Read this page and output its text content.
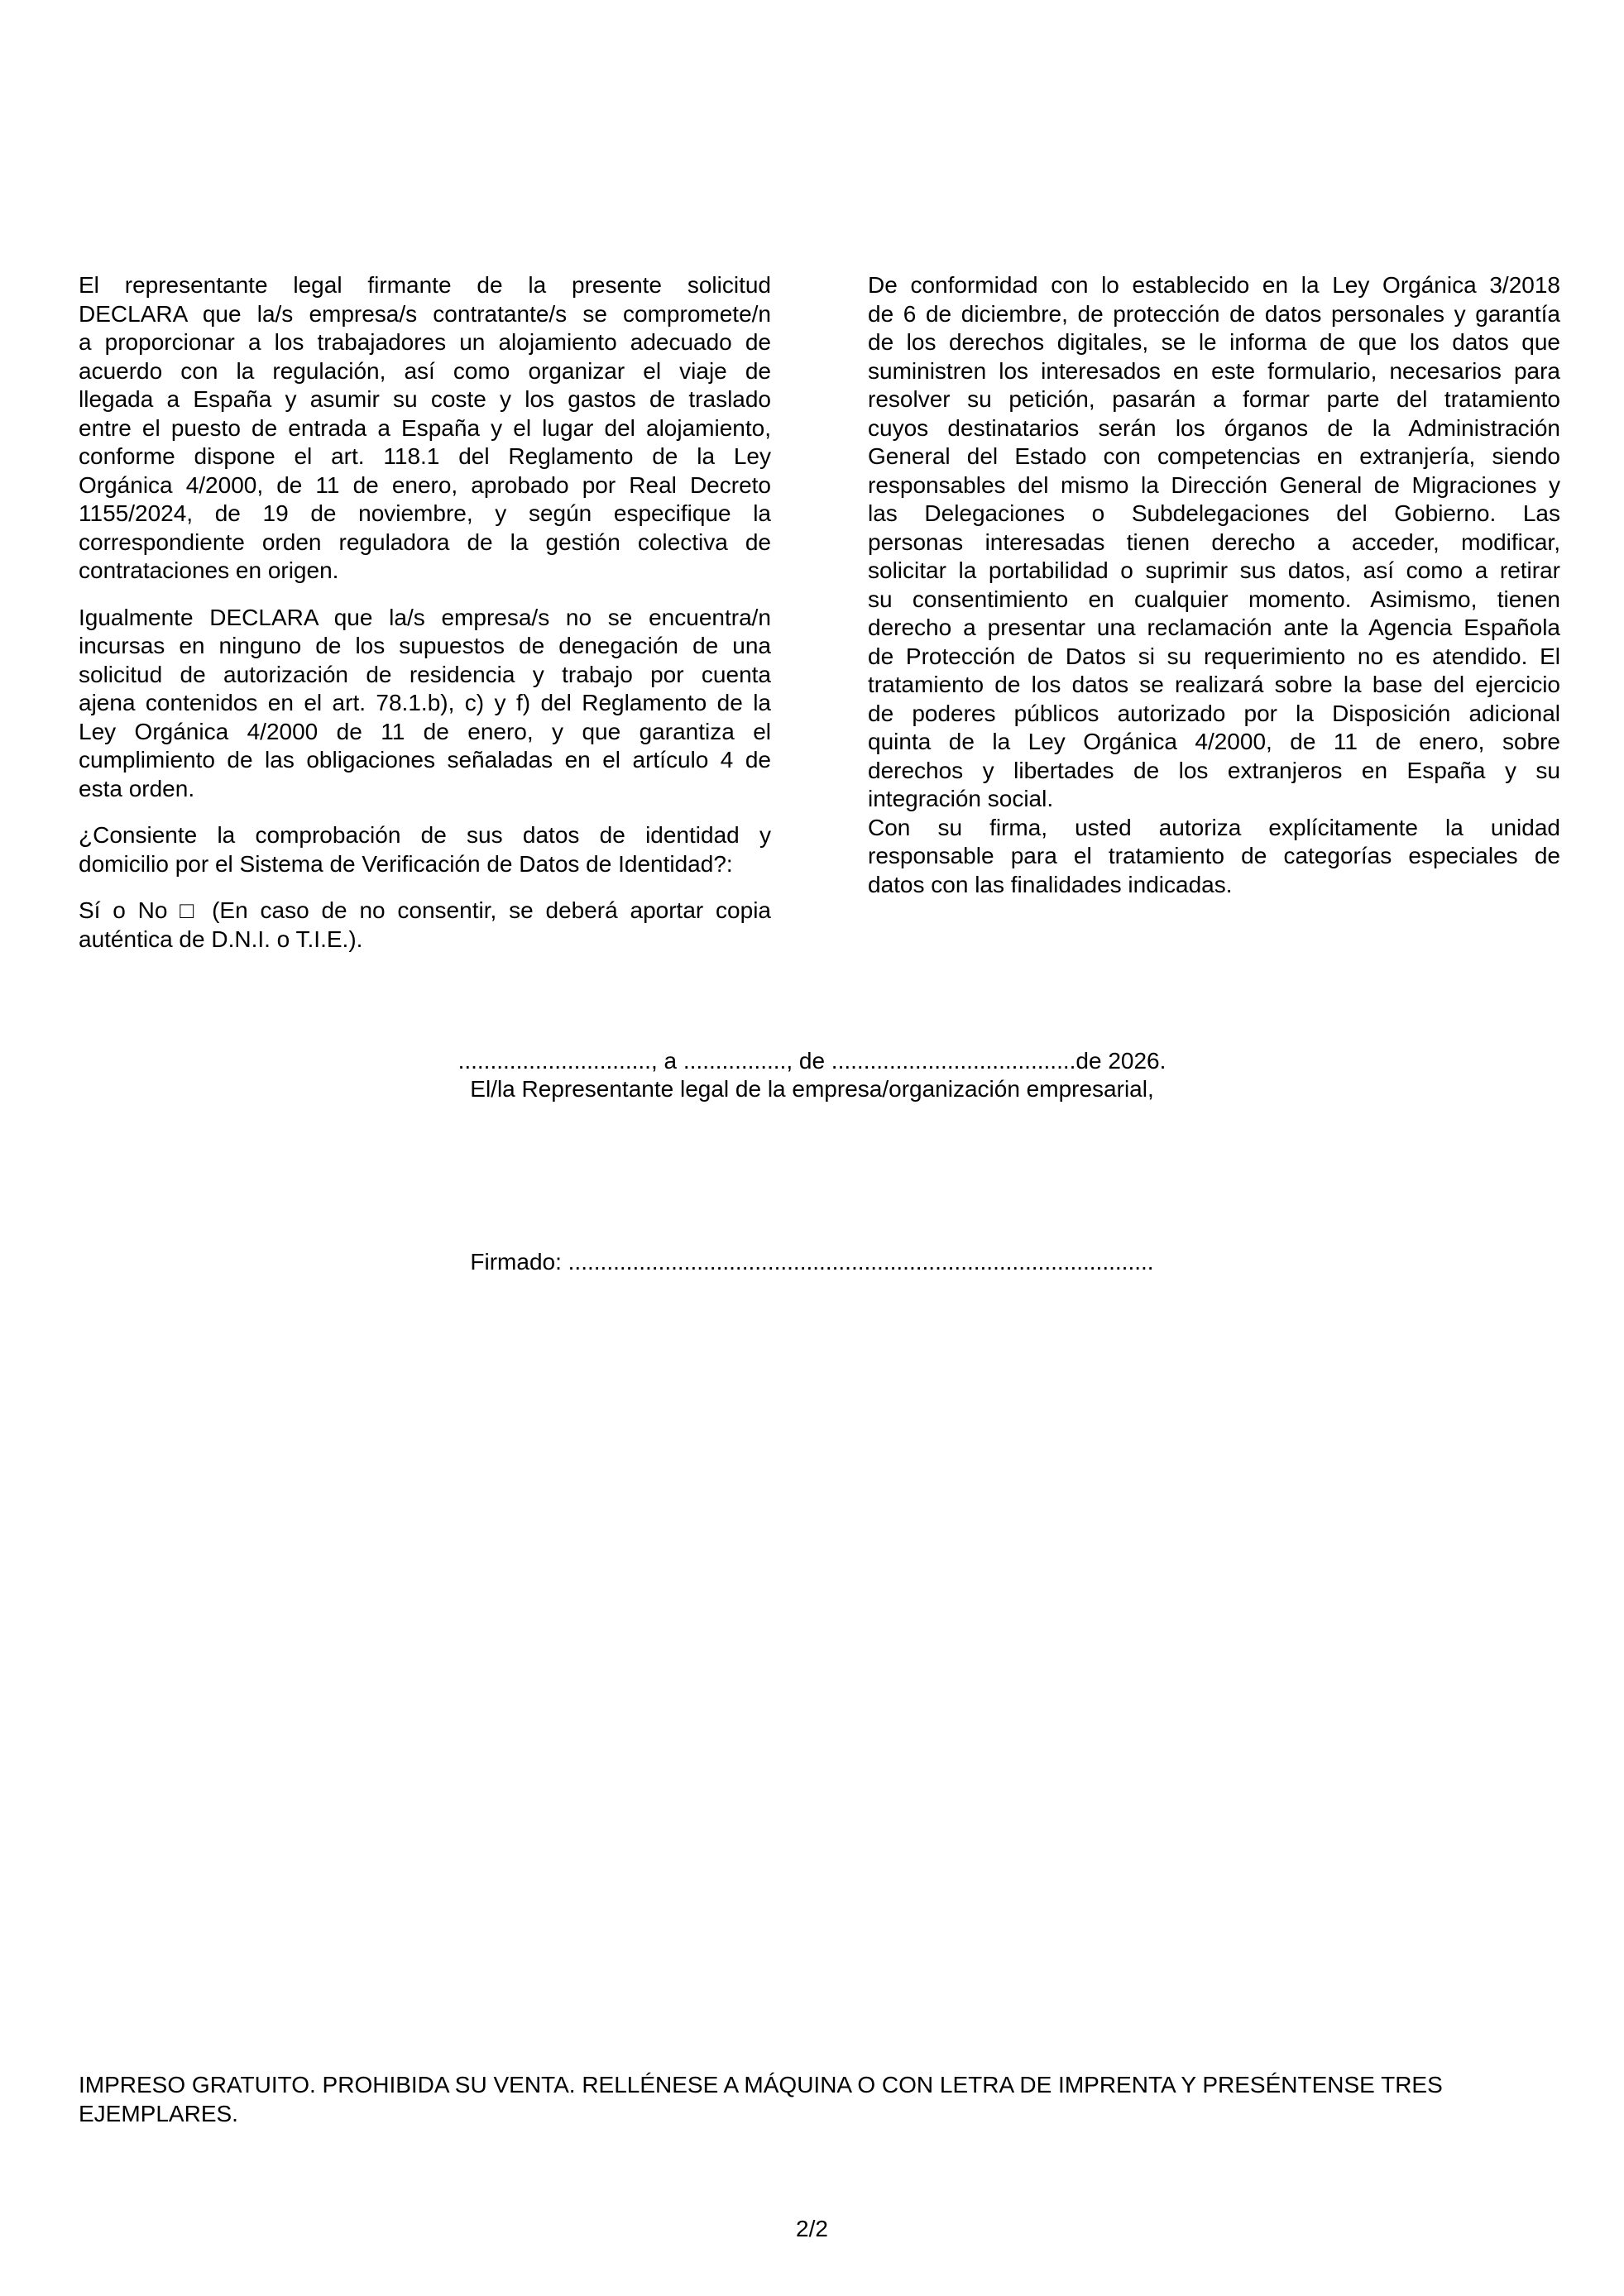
El representante legal firmante de la presente solicitud
DECLARA que la/s empresa/s contratante/s se compromete/n
a proporcionar a los trabajadores un alojamiento adecuado de
acuerdo con la regulación, así como organizar el viaje de
llegada a España y asumir su coste y los gastos de traslado
entre el puesto de entrada a España y el lugar del alojamiento,
conforme dispone el art. 118.1 del Reglamento de la Ley
Orgánica 4/2000, de 11 de enero, aprobado por Real Decreto
1155/2024, de 19 de noviembre, y según especifique la
correspondiente orden reguladora de la gestión colectiva de
contrataciones en origen.
Igualmente DECLARA que la/s empresa/s no se encuentra/n
incursas en ninguno de los supuestos de denegación de una
solicitud de autorización de residencia y trabajo por cuenta
ajena contenidos en el art. 78.1.b), c) y f) del Reglamento de la
Ley Orgánica 4/2000 de 11 de enero, y que garantiza el
cumplimiento de las obligaciones señaladas en el artículo 4 de
esta orden.
¿Consiente la comprobación de sus datos de identidad y
domicilio por el Sistema de Verificación de Datos de Identidad?:
Sí o No □ (En caso de no consentir, se deberá aportar copia
auténtica de D.N.I. o T.I.E.).
De conformidad con lo establecido en la Ley Orgánica 3/2018
de 6 de diciembre, de protección de datos personales y garantía
de los derechos digitales, se le informa de que los datos que
suministren los interesados en este formulario, necesarios para
resolver su petición, pasarán a formar parte del tratamiento
cuyos destinatarios serán los órganos de la Administración
General del Estado con competencias en extranjería, siendo
responsables del mismo la Dirección General de Migraciones y
las Delegaciones o Subdelegaciones del Gobierno. Las
personas interesadas tienen derecho a acceder, modificar,
solicitar la portabilidad o suprimir sus datos, así como a retirar
su consentimiento en cualquier momento. Asimismo, tienen
derecho a presentar una reclamación ante la Agencia Española
de Protección de Datos si su requerimiento no es atendido. El
tratamiento de los datos se realizará sobre la base del ejercicio
de poderes públicos autorizado por la Disposición adicional
quinta de la Ley Orgánica 4/2000, de 11 de enero, sobre
derechos y libertades de los extranjeros en España y su
integración social.
Con su firma, usted autoriza explícitamente la unidad
responsable para el tratamiento de categorías especiales de
datos con las finalidades indicadas.
.............................., a ................, de ......................................de 2026.
El/la Representante legal de la empresa/organización empresarial,
Firmado: ...........................................................................................
IMPRESO GRATUITO. PROHIBIDA SU VENTA. RELLÉNESE A MÁQUINA O CON LETRA DE IMPRENTA Y PRESÉNTENSE TRES
EJEMPLARES.
2/2
